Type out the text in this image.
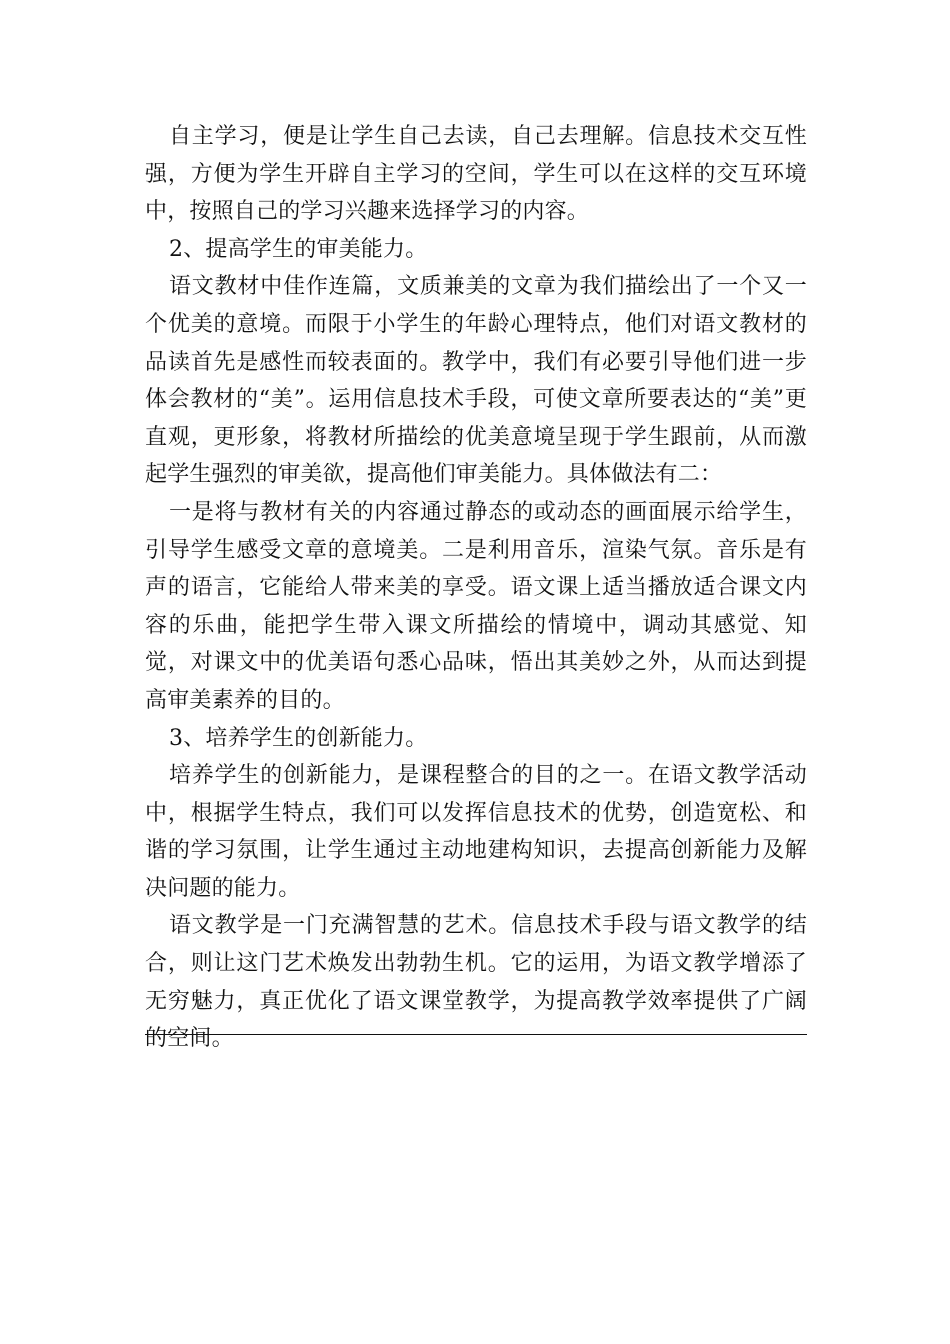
自主学习，便是让学生自己去读，自己去理解。信息技术交互性强，方便为学生开辟自主学习的空间，学生可以在这样的交互环境中，按照自己的学习兴趣来选择学习的内容。

2、提高学生的审美能力。

语文教材中佳作连篇，文质兼美的文章为我们描绘出了一个又一个优美的意境。而限于小学生的年龄心理特点，他们对语文教材的品读首先是感性而较表面的。教学中，我们有必要引导他们进一步体会教材的“美”。运用信息技术手段，可使文章所要表达的“美”更直观，更形象，将教材所描绘的优美意境呈现于学生跟前，从而激起学生强烈的审美欲，提高他们审美能力。具体做法有二：

一是将与教材有关的内容通过静态的或动态的画面展示给学生，引导学生感受文章的意境美。二是利用音乐，渲染气氛。音乐是有声的语言，它能给人带来美的享受。语文课上适当播放适合课文内容的乐曲，能把学生带入课文所描绘的情境中，调动其感觉、知觉，对课文中的优美语句悉心品味，悟出其美妙之外，从而达到提高审美素养的目的。

3、培养学生的创新能力。

培养学生的创新能力，是课程整合的目的之一。在语文教学活动中，根据学生特点，我们可以发挥信息技术的优势，创造宽松、和谐的学习氛围，让学生通过主动地建构知识，去提高创新能力及解决问题的能力。

语文教学是一门充满智慧的艺术。信息技术手段与语文教学的结合，则让这门艺术焕发出勃勃生机。它的运用，为语文教学增添了无穷魅力，真正优化了语文课堂教学，为提高教学效率提供了广阔的空间。
